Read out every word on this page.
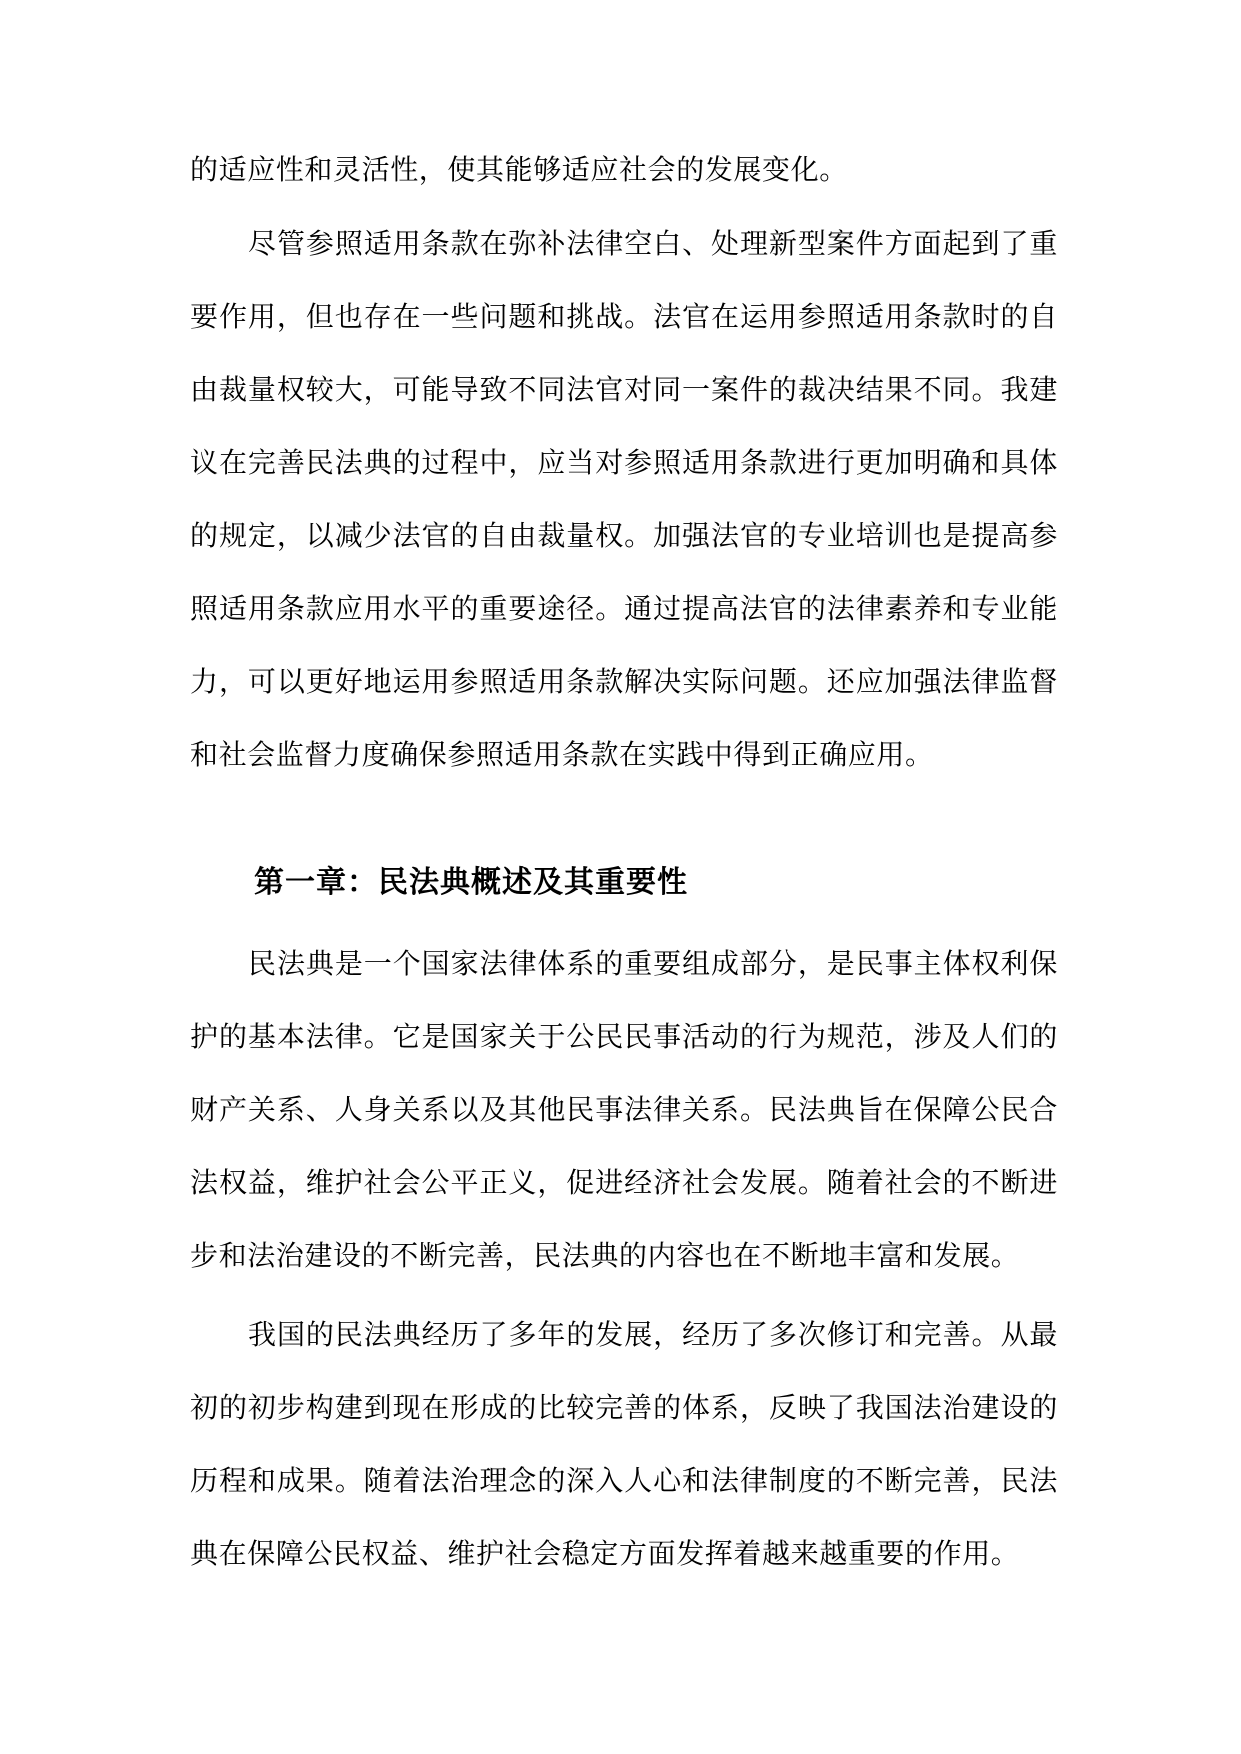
的适应性和灵活性，使其能够适应社会的发展变化。

尽管参照适用条款在弥补法律空白、处理新型案件方面起到了重要作用，但也存在一些问题和挑战。法官在运用参照适用条款时的自由裁量权较大，可能导致不同法官对同一案件的裁决结果不同。我建议在完善民法典的过程中，应当对参照适用条款进行更加明确和具体的规定，以减少法官的自由裁量权。加强法官的专业培训也是提高参照适用条款应用水平的重要途径。通过提高法官的法律素养和专业能力，可以更好地运用参照适用条款解决实际问题。还应加强法律监督和社会监督力度确保参照适用条款在实践中得到正确应用。

第一章：民法典概述及其重要性

民法典是一个国家法律体系的重要组成部分，是民事主体权利保护的基本法律。它是国家关于公民民事活动的行为规范，涉及人们的财产关系、人身关系以及其他民事法律关系。民法典旨在保障公民合法权益，维护社会公平正义，促进经济社会发展。随着社会的不断进步和法治建设的不断完善，民法典的内容也在不断地丰富和发展。

我国的民法典经历了多年的发展，经历了多次修订和完善。从最初的初步构建到现在形成的比较完善的体系，反映了我国法治建设的历程和成果。随着法治理念的深入人心和法律制度的不断完善，民法典在保障公民权益、维护社会稳定方面发挥着越来越重要的作用。
